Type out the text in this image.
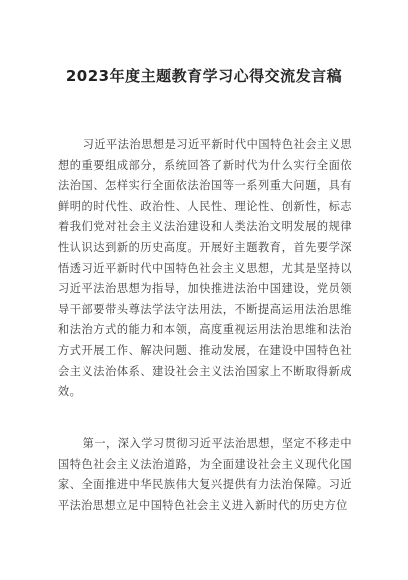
2023年度主题教育学习心得交流发言稿

习近平法治思想是习近平新时代中国特色社会主义思想的重要组成部分，系统回答了新时代为什么实行全面依法治国、怎样实行全面依法治国等一系列重大问题，具有鲜明的时代性、政治性、人民性、理论性、创新性，标志着我们党对社会主义法治建设和人类法治文明发展的规律性认识达到新的历史高度。开展好主题教育，首先要学深悟透习近平新时代中国特色社会主义思想，尤其是坚持以习近平法治思想为指导，加快推进法治中国建设，党员领导干部要带头尊法学法守法用法，不断提高运用法治思维和法治方式的能力和本领，高度重视运用法治思维和法治方式开展工作、解决问题、推动发展，在建设中国特色社会主义法治体系、建设社会主义法治国家上不断取得新成效。

第一，深入学习贯彻习近平法治思想，坚定不移走中国特色社会主义法治道路，为全面建设社会主义现代化国家、全面推进中华民族伟大复兴提供有力法治保障。习近平法治思想立足中国特色社会主义进入新时代的历史方位
